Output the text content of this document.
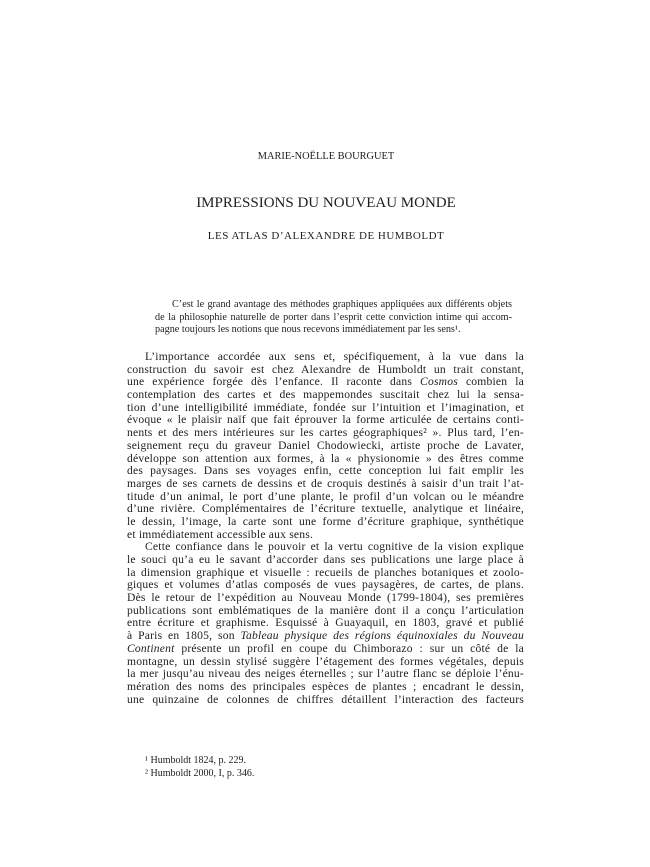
MARIE-NOËLLE BOURGUET
IMPRESSIONS DU NOUVEAU MONDE
LES ATLAS D’ALEXANDRE DE HUMBOLDT
C’est le grand avantage des méthodes graphiques appliquées aux différents objets
de la philosophie naturelle de porter dans l’esprit cette conviction intime qui accom-
pagne toujours les notions que nous recevons immédiatement par les sens¹.
L’importance accordée aux sens et, spécifiquement, à la vue dans la
construction du savoir est chez Alexandre de Humboldt un trait constant,
une expérience forgée dès l’enfance. Il raconte dans Cosmos combien la
contemplation des cartes et des mappemondes suscitait chez lui la sensa-
tion d’une intelligibilité immédiate, fondée sur l’intuition et l’imagination, et
évoque « le plaisir naïf que fait éprouver la forme articulée de certains conti-
nents et des mers intérieures sur les cartes géographiques² ». Plus tard, l’en-
seignement reçu du graveur Daniel Chodowiecki, artiste proche de Lavater,
développe son attention aux formes, à la « physionomie » des êtres comme
des paysages. Dans ses voyages enfin, cette conception lui fait emplir les
marges de ses carnets de dessins et de croquis destinés à saisir d’un trait l’at-
titude d’un animal, le port d’une plante, le profil d’un volcan ou le méandre
d’une rivière. Complémentaires de l’écriture textuelle, analytique et linéaire,
le dessin, l’image, la carte sont une forme d’écriture graphique, synthétique
et immédiatement accessible aux sens.
Cette confiance dans le pouvoir et la vertu cognitive de la vision explique
le souci qu’a eu le savant d’accorder dans ses publications une large place à
la dimension graphique et visuelle : recueils de planches botaniques et zoolo-
giques et volumes d’atlas composés de vues paysagères, de cartes, de plans.
Dès le retour de l’expédition au Nouveau Monde (1799-1804), ses premières
publications sont emblématiques de la manière dont il a conçu l’articulation
entre écriture et graphisme. Esquissé à Guayaquil, en 1803, gravé et publié
à Paris en 1805, son Tableau physique des régions équinoxiales du Nouveau
Continent présente un profil en coupe du Chimborazo : sur un côté de la
montagne, un dessin stylisé suggère l’étagement des formes végétales, depuis
la mer jusqu’au niveau des neiges éternelles ; sur l’autre flanc se déploie l’énu-
mération des noms des principales espèces de plantes ; encadrant le dessin,
une quinzaine de colonnes de chiffres détaillent l’interaction des facteurs
¹ Humboldt 1824, p. 229.
² Humboldt 2000, I, p. 346.
